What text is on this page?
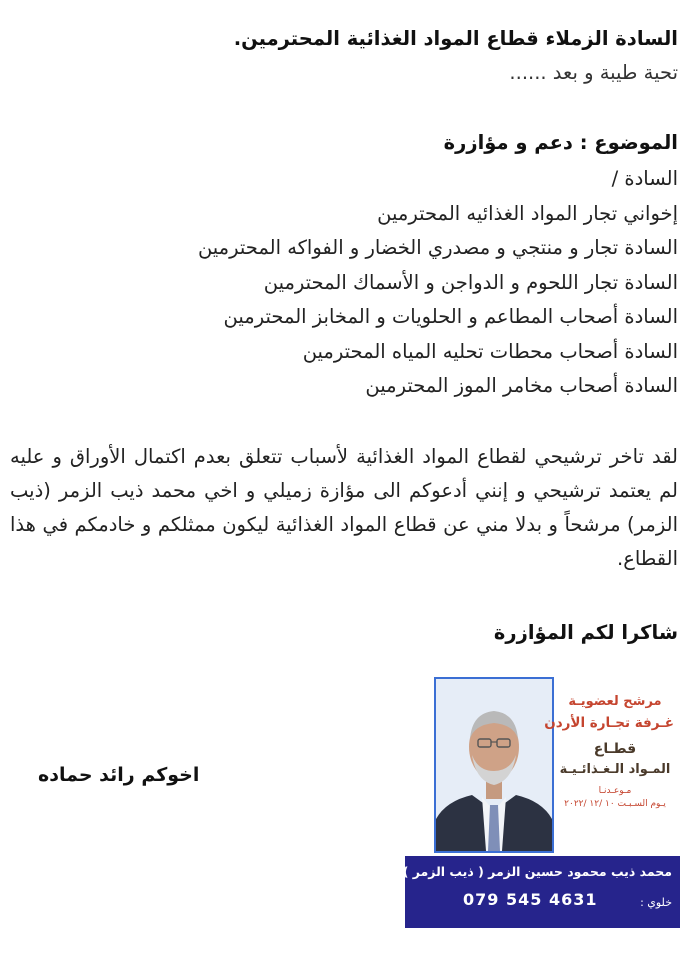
السادة الزملاء قطاع المواد الغذائية المحترمين.
تحية طيبة و بعد ......
الموضوع : دعم و مؤازرة
السادة /
إخواني تجار المواد الغذائيه المحترمين
السادة تجار و منتجي و مصدري الخضار و الفواكه المحترمين
السادة تجار اللحوم و الدواجن و الأسماك المحترمين
السادة أصحاب المطاعم و الحلويات و المخابز المحترمين
السادة أصحاب محطات تحليه المياه المحترمين
السادة أصحاب مخامر الموز المحترمين
لقد تاخر ترشيحي لقطاع المواد الغذائية لأسباب تتعلق بعدم اكتمال الأوراق و عليه لم يعتمد ترشيحي و إنني أدعوكم الى مؤازة زميلي و اخي محمد ذيب الزمر (ذيب الزمر) مرشحاً و بدلا مني عن قطاع المواد الغذائية ليكون ممثلكم و خادمكم في هذا القطاع.
شاكرا لكم المؤازرة
اخوكم رائد حماده
مرشح لعضويـة
غـرفة تجـارة الأردن
قطـاع
المـواد الـغـذائـيـة
مـوعـدنـا
يـوم السـبـت ١٠ /١٢ /٢٠٢٢
محمد ذيب محمود حسين الزمر ( ذيب الزمر )
خلوي :
079 545 4631
